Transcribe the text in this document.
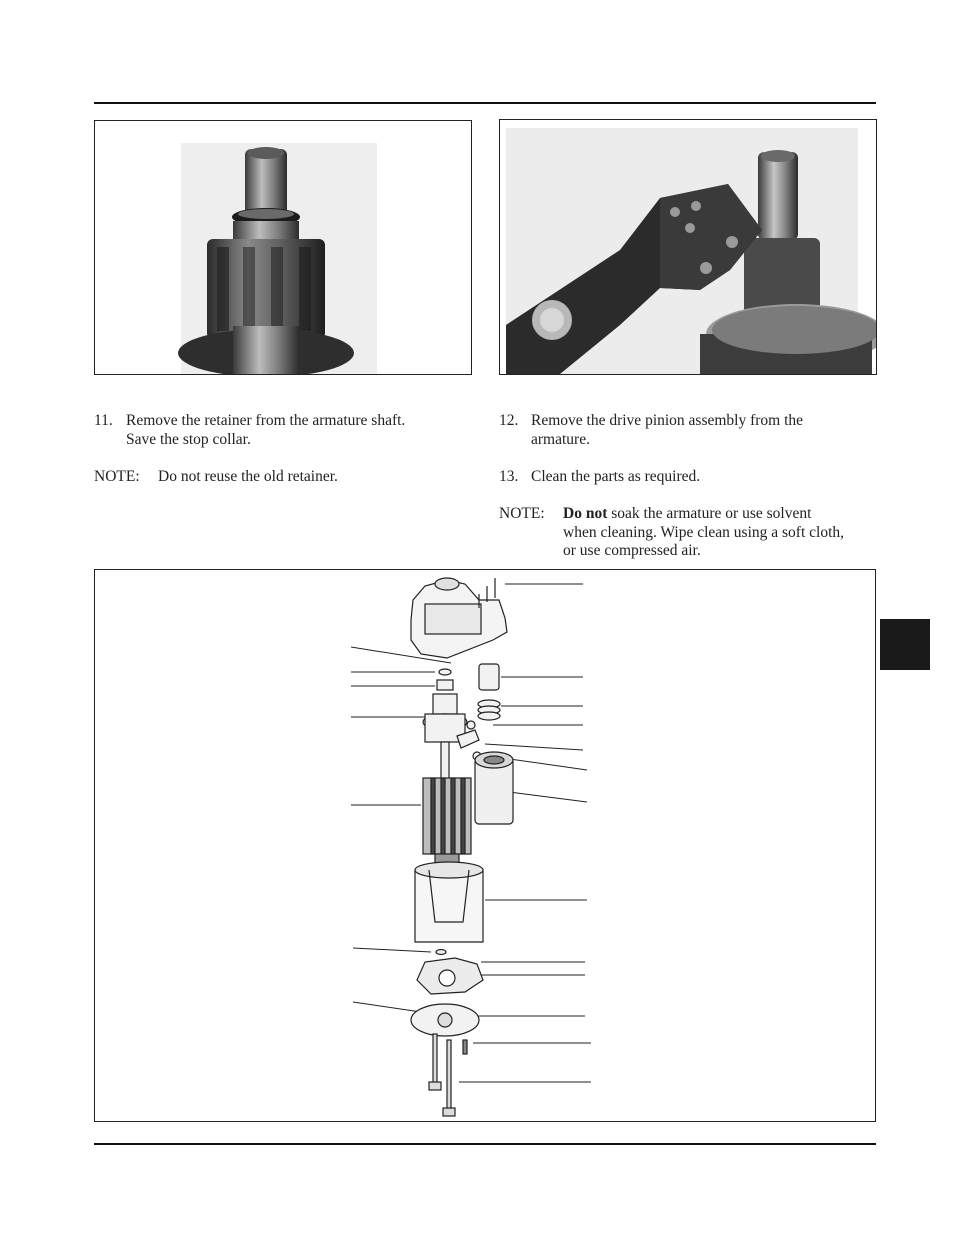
11. Remove the retainer from the armature shaft.
Save the stop collar.
NOTE: Do not reuse the old retainer.
12. Remove the drive pinion assembly from the
armature.
13. Clean the parts as required.
NOTE: Do not soak the armature or use solvent
when cleaning. Wipe clean using a soft cloth,
or use compressed air.
